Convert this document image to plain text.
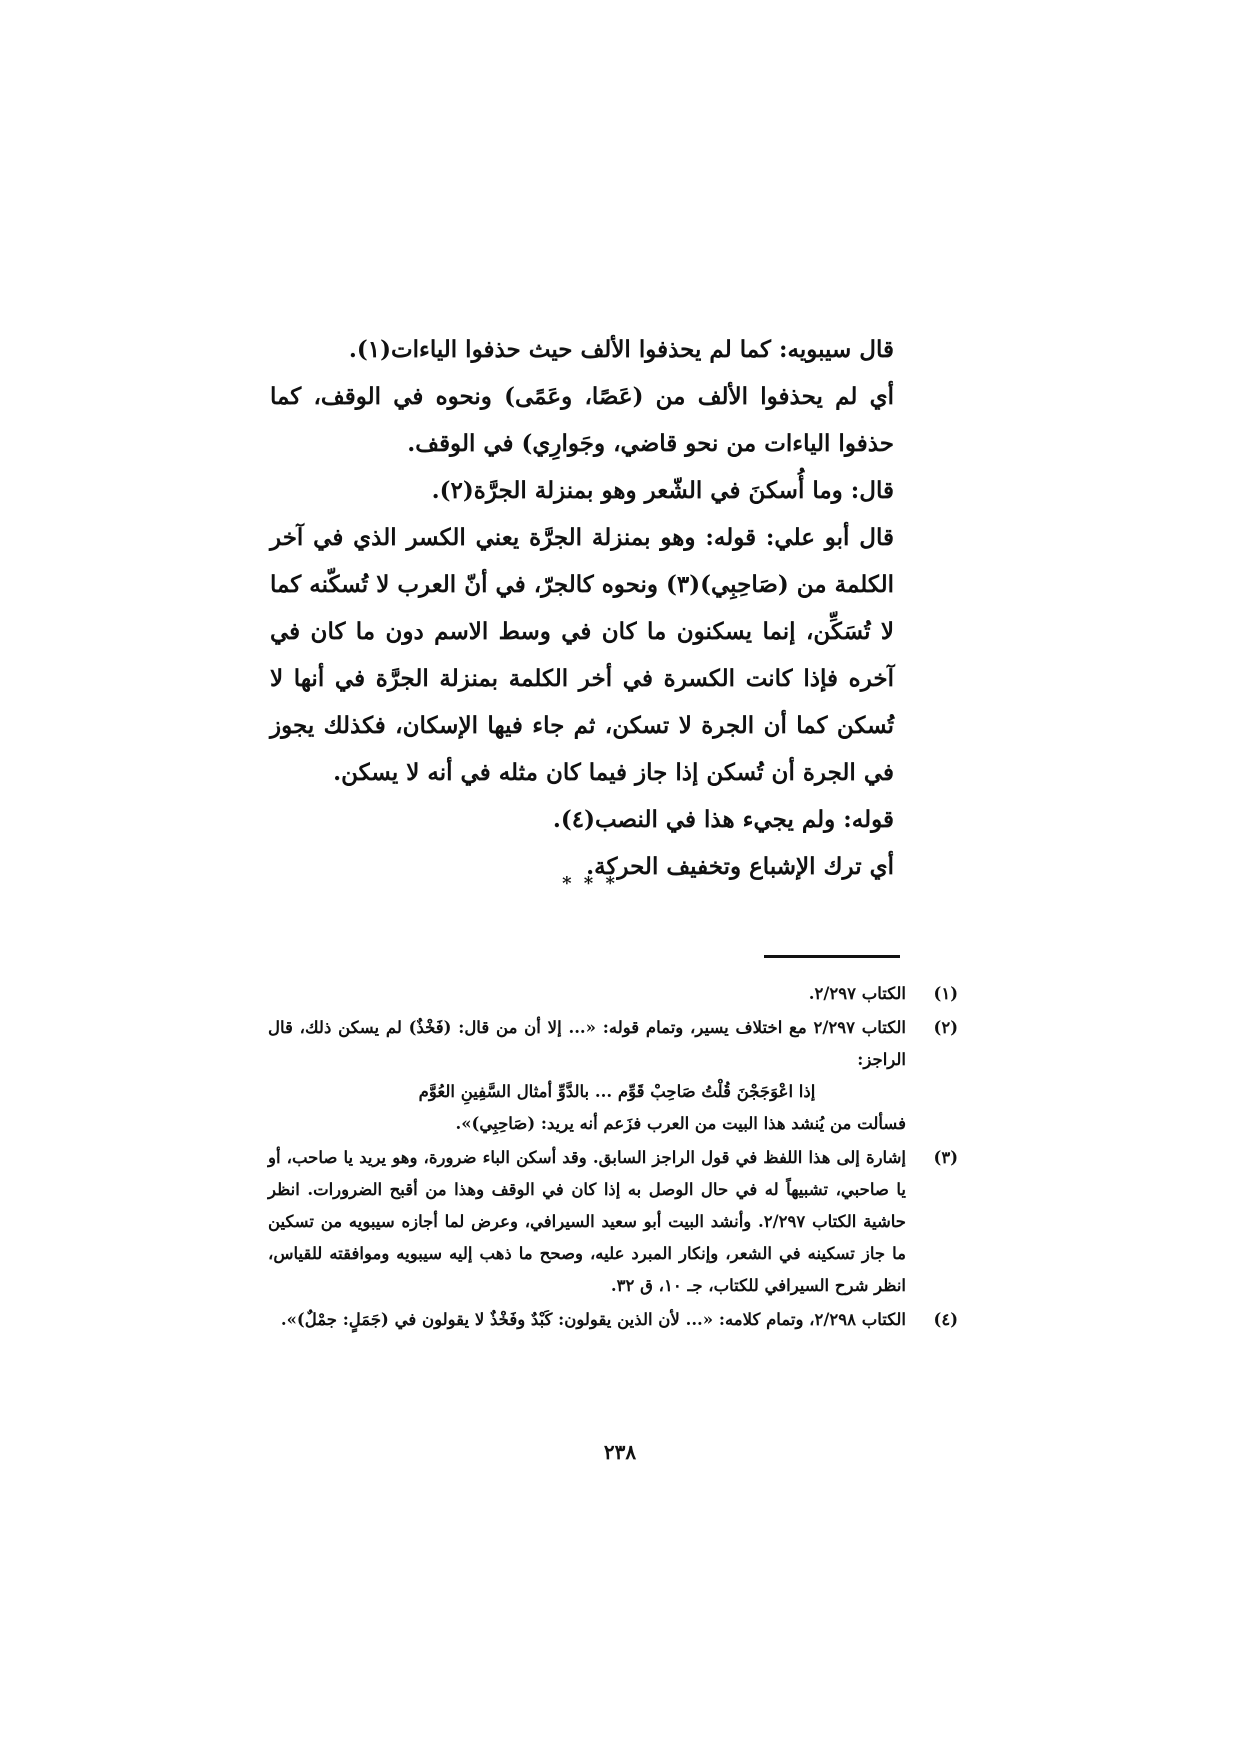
قال سيبويه: كما لم يحذفوا الألف حيث حذفوا الياءات(١).

أي لم يحذفوا الألف من (عَصًا، وعَمًى) ونحوه في الوقف، كما حذفوا الياءات من نحو قاضي، وجَوارِي) في الوقف.

قال: وما أُسكنَ في الشّعر وهو بمنزلة الجرَّة(٢).

قال أبو علي: قوله: وهو بمنزلة الجرَّة يعني الكسر الذي في آخر الكلمة من (صَاحِبِي)(٣) ونحوه كالجرّ، في أنّ العرب لا تُسكّنه كما لا تُسَكِّن، إنما يسكنون ما كان في وسط الاسم دون ما كان في آخره فإذا كانت الكسرة في أخر الكلمة بمنزلة الجرَّة في أنها لا تُسكن كما أن الجرة لا تسكن، ثم جاء فيها الإسكان، فكذلك يجوز في الجرة أن تُسكن إذا جاز فيما كان مثله في أنه لا يسكن.

قوله: ولم يجيء هذا في النصب(٤).

أي ترك الإشباع وتخفيف الحركة.

* * *
(١)
الكتاب ٢/٢٩٧.
(٢)
الكتاب ٢/٢٩٧ مع اختلاف يسير، وتمام قوله: «... إلا أن من قال: (فَخْذٌ) لم يسكن ذلك، قال الراجز:
إذا اعْوَجَجْنَ قُلْتُ صَاحِبْ قَوِّم ... بالدَّوِّ أمثال السَّفِينِ العُوَّم
فسألت من يُنشد هذا البيت من العرب فزَعم أنه يريد: (صَاحِبِي)».
(٣)
إشارة إلى هذا اللفظ في قول الراجز السابق. وقد أسكن الباء ضرورة، وهو يريد يا صاحب، أو يا صاحبي، تشبيهاً له في حال الوصل به إذا كان في الوقف وهذا من أقبح الضرورات. انظر حاشية الكتاب ٢/٢٩٧. وأنشد البيت أبو سعيد السيرافي، وعرض لما أجازه سيبويه من تسكين ما جاز تسكينه في الشعر، وإنكار المبرد عليه، وصحح ما ذهب إليه سيبويه وموافقته للقياس، انظر شرح السيرافي للكتاب، جـ ١٠، ق ٣٢.
(٤)
الكتاب ٢/٢٩٨، وتمام كلامه: «... لأن الذين يقولون: كَبْدٌ وفَخْذٌ لا يقولون في (جَمَلٍ: جمْلٌ)».
٢٣٨
